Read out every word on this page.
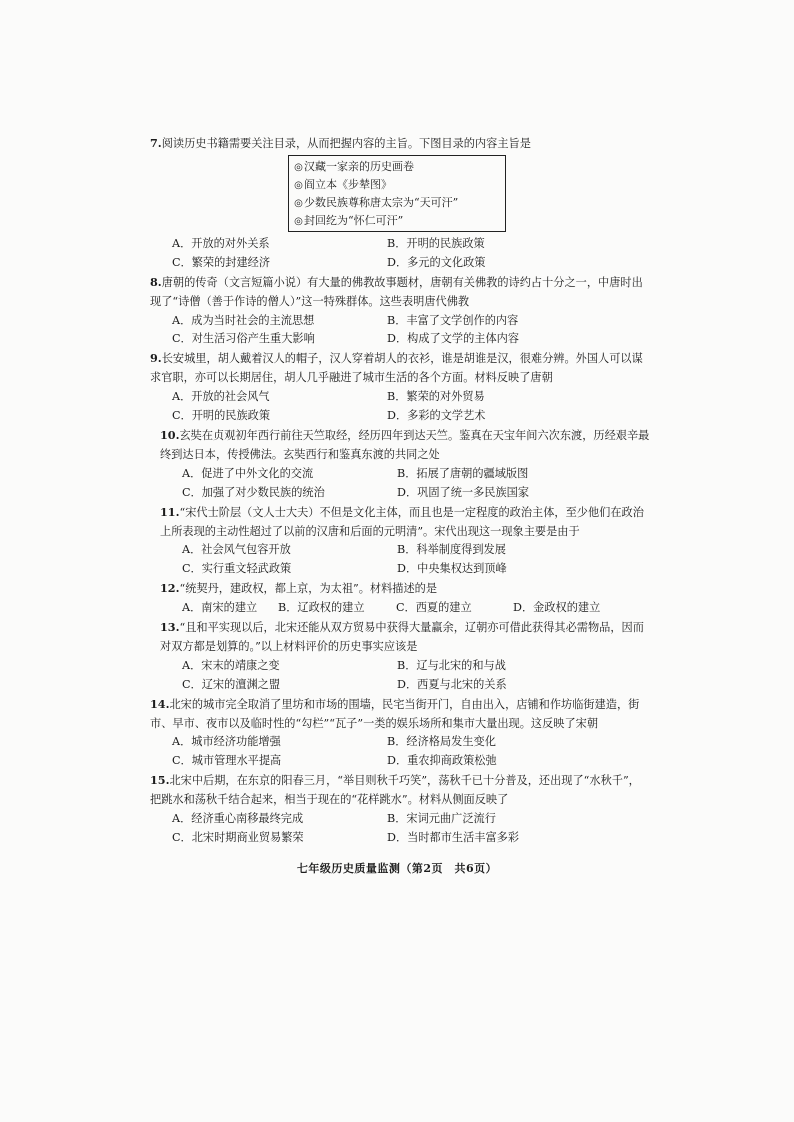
7.阅读历史书籍需要关注目录，从而把握内容的主旨。下图目录的内容主旨是

◎汉藏一家亲的历史画卷
◎阎立本《步辇图》
◎少数民族尊称唐太宗为“天可汗”
◎封回纥为“怀仁可汗”
A．开放的对外关系	B．开明的民族政策
C．繁荣的封建经济	D．多元的文化政策

8.唐朝的传奇（文言短篇小说）有大量的佛教故事题材，唐朝有关佛教的诗约占十分之一，中唐时出现了“诗僧（善于作诗的僧人）”这一特殊群体。这些表明唐代佛教

A．成为当时社会的主流思想	B．丰富了文学创作的内容
C．对生活习俗产生重大影响	D．构成了文学的主体内容

9.长安城里，胡人戴着汉人的帽子，汉人穿着胡人的衣衫，谁是胡谁是汉，很难分辨。外国人可以谋求官职，亦可以长期居住，胡人几乎融进了城市生活的各个方面。材料反映了唐朝

A．开放的社会风气	B．繁荣的对外贸易
C．开明的民族政策	D．多彩的文学艺术

10.玄奘在贞观初年西行前往天竺取经，经历四年到达天竺。鉴真在天宝年间六次东渡，历经艰辛最终到达日本，传授佛法。玄奘西行和鉴真东渡的共同之处

A．促进了中外文化的交流	B．拓展了唐朝的疆域版图
C．加强了对少数民族的统治	D．巩固了统一多民族国家

11.“宋代士阶层（文人士大夫）不但是文化主体，而且也是一定程度的政治主体，至少他们在政治上所表现的主动性超过了以前的汉唐和后面的元明清”。宋代出现这一现象主要是由于

A．社会风气包容开放	B．科举制度得到发展
C．实行重文轻武政策	D．中央集权达到顶峰

12.“统契丹，建政权，都上京，为太祖”。材料描述的是

A．南宋的建立	B．辽政权的建立	C．西夏的建立	D．金政权的建立

13.“且和平实现以后，北宋还能从双方贸易中获得大量赢余，辽朝亦可借此获得其必需物品，因而对双方都是划算的。”以上材料评价的历史事实应该是

A．宋末的靖康之变	B．辽与北宋的和与战
C．辽宋的澶渊之盟	D．西夏与北宋的关系

14.北宋的城市完全取消了里坊和市场的围墙，民宅当街开门，自由出入，店铺和作坊临街建造，街市、早市、夜市以及临时性的“勾栏”“瓦子”一类的娱乐场所和集市大量出现。这反映了宋朝

A．城市经济功能增强	B．经济格局发生变化
C．城市管理水平提高	D．重农抑商政策松弛

15.北宋中后期，在东京的阳春三月，“举目则秋千巧笑”，荡秋千已十分普及，还出现了“水秋千”，把跳水和荡秋千结合起来，相当于现在的“花样跳水”。材料从侧面反映了

A．经济重心南移最终完成	B．宋词元曲广泛流行
C．北宋时期商业贸易繁荣	D．当时都市生活丰富多彩
七年级历史质量监测（第2页　共6页）
